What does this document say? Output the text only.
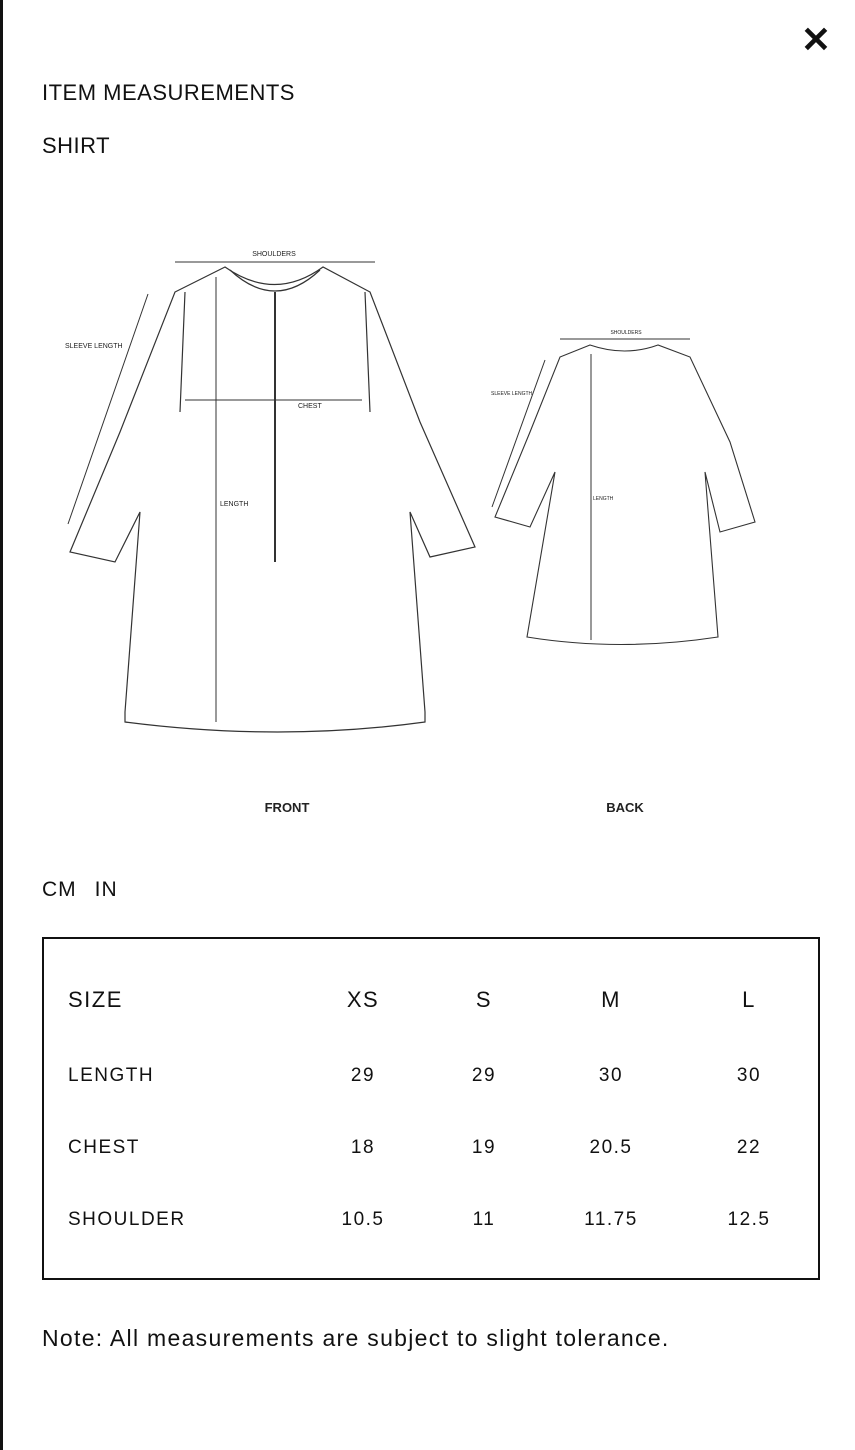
✕
ITEM MEASUREMENTS
SHIRT
SHOULDERS
CHEST
LENGTH
SLEEVE LENGTH
FRONT
SHOULDERS
LENGTH
SLEEVE LENGTH
BACK
CM IN
SIZE	XS	S	M	L
LENGTH	29	29	30	30
CHEST	18	19	20.5	22
SHOULDER	10.5	11	11.75	12.5
Note: All measurements are subject to slight tolerance.
